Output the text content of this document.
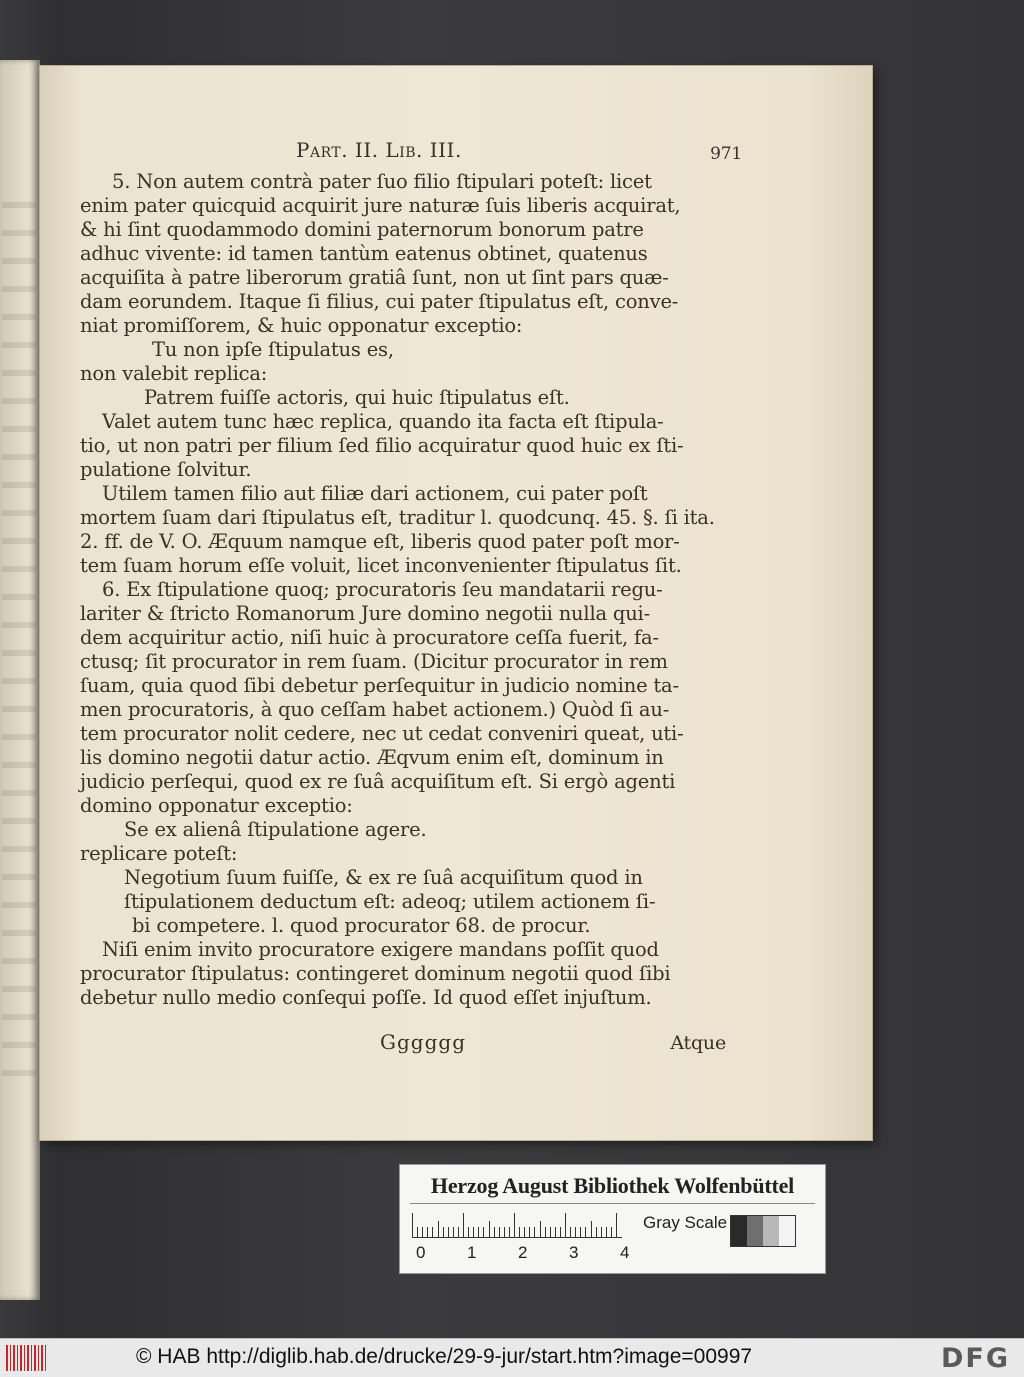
Part. II. Lib. III.	971
5. Non autem contrà pater ſuo filio ſtipulari poteſt: licet
enim pater quicquid acquirit jure naturæ ſuis liberis acquirat,
& hi ſint quodammodo domini paternorum bonorum patre
adhuc vivente: id tamen tantùm eatenus obtinet, quatenus
acquiſita à patre liberorum gratiâ ſunt, non ut ſint pars quæ-
dam eorundem. Itaque ſi filius, cui pater ſtipulatus eſt, conve-
niat promiſſorem, & huic opponatur exceptio:
Tu non ipſe ſtipulatus es,
non valebit replica:
Patrem fuiſſe actoris, qui huic ſtipulatus eſt.
Valet autem tunc hæc replica, quando ita facta eſt ſtipula-
tio, ut non patri per filium ſed filio acquiratur quod huic ex ſti-
pulatione ſolvitur.
Utilem tamen filio aut filiæ dari actionem, cui pater poſt
mortem ſuam dari ſtipulatus eſt, traditur l. quodcunq. 45. §. ſi ita.
2. ff. de V. O. Æquum namque eſt, liberis quod pater poſt mor-
tem ſuam horum eſſe voluit, licet inconvenienter ſtipulatus ſit.
6. Ex ſtipulatione quoq; procuratoris ſeu mandatarii regu-
lariter & ſtricto Romanorum Jure domino negotii nulla qui-
dem acquiritur actio, niſi huic à procuratore ceſſa fuerit, fa-
ctusq; ſit procurator in rem ſuam. (Dicitur procurator in rem
ſuam, quia quod ſibi debetur perſequitur in judicio nomine ta-
men procuratoris, à quo ceſſam habet actionem.) Quòd ſi au-
tem procurator nolit cedere, nec ut cedat conveniri queat, uti-
lis domino negotii datur actio. Æqvum enim eſt, dominum in
judicio perſequi, quod ex re ſuâ acquiſitum eſt. Si ergò agenti
domino opponatur exceptio:
Se ex alienâ ſtipulatione agere.
replicare poteſt:
Negotium ſuum fuiſſe, & ex re ſuâ acquiſitum quod in
ſtipulationem deductum eſt: adeoq; utilem actionem ſi-
bi competere. l. quod procurator 68. de procur.
Niſi enim invito procuratore exigere mandans poſſit quod
procurator ſtipulatus: contingeret dominum negotii quod ſibi
debetur nullo medio conſequi poſſe. Id quod eſſet injuſtum.
Gggggg	Atque
Herzog August Bibliothek Wolfenbüttel
0 1 2 3 4
Gray Scale
© HAB http://diglib.hab.de/drucke/29-9-jur/start.htm?image=00997	DFG
